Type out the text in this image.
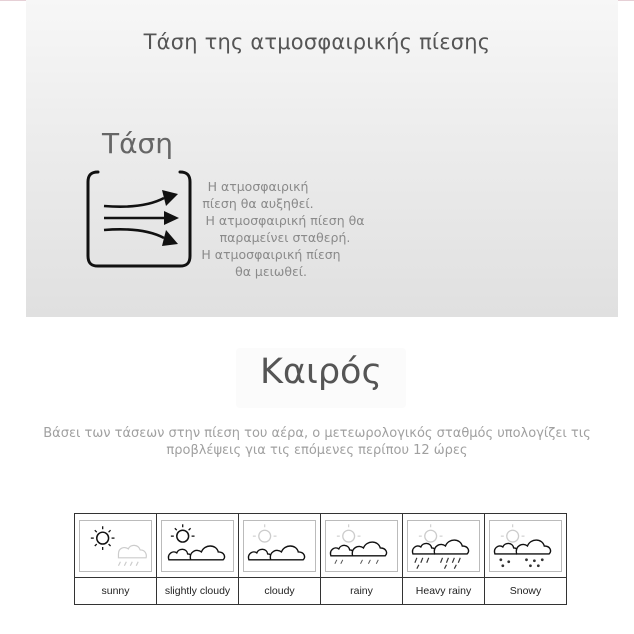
Τάση της ατμοσφαιρικής πίεσης
Τάση
Η ατμοσφαιρική πίεση θα αυξηθεί.
Η ατμοσφαιρική πίεση θα παραμείνει σταθερή.
Η ατμοσφαιρική πίεση θα μειωθεί.
Καιρός
Βάσει των τάσεων στην πίεση του αέρα, ο μετεωρολογικός σταθμός υπολογίζει τις προβλέψεις για τις επόμενες περίπου 12 ώρες
sunny	slightly cloudy	cloudy	rainy	Heavy rainy	Snowy
